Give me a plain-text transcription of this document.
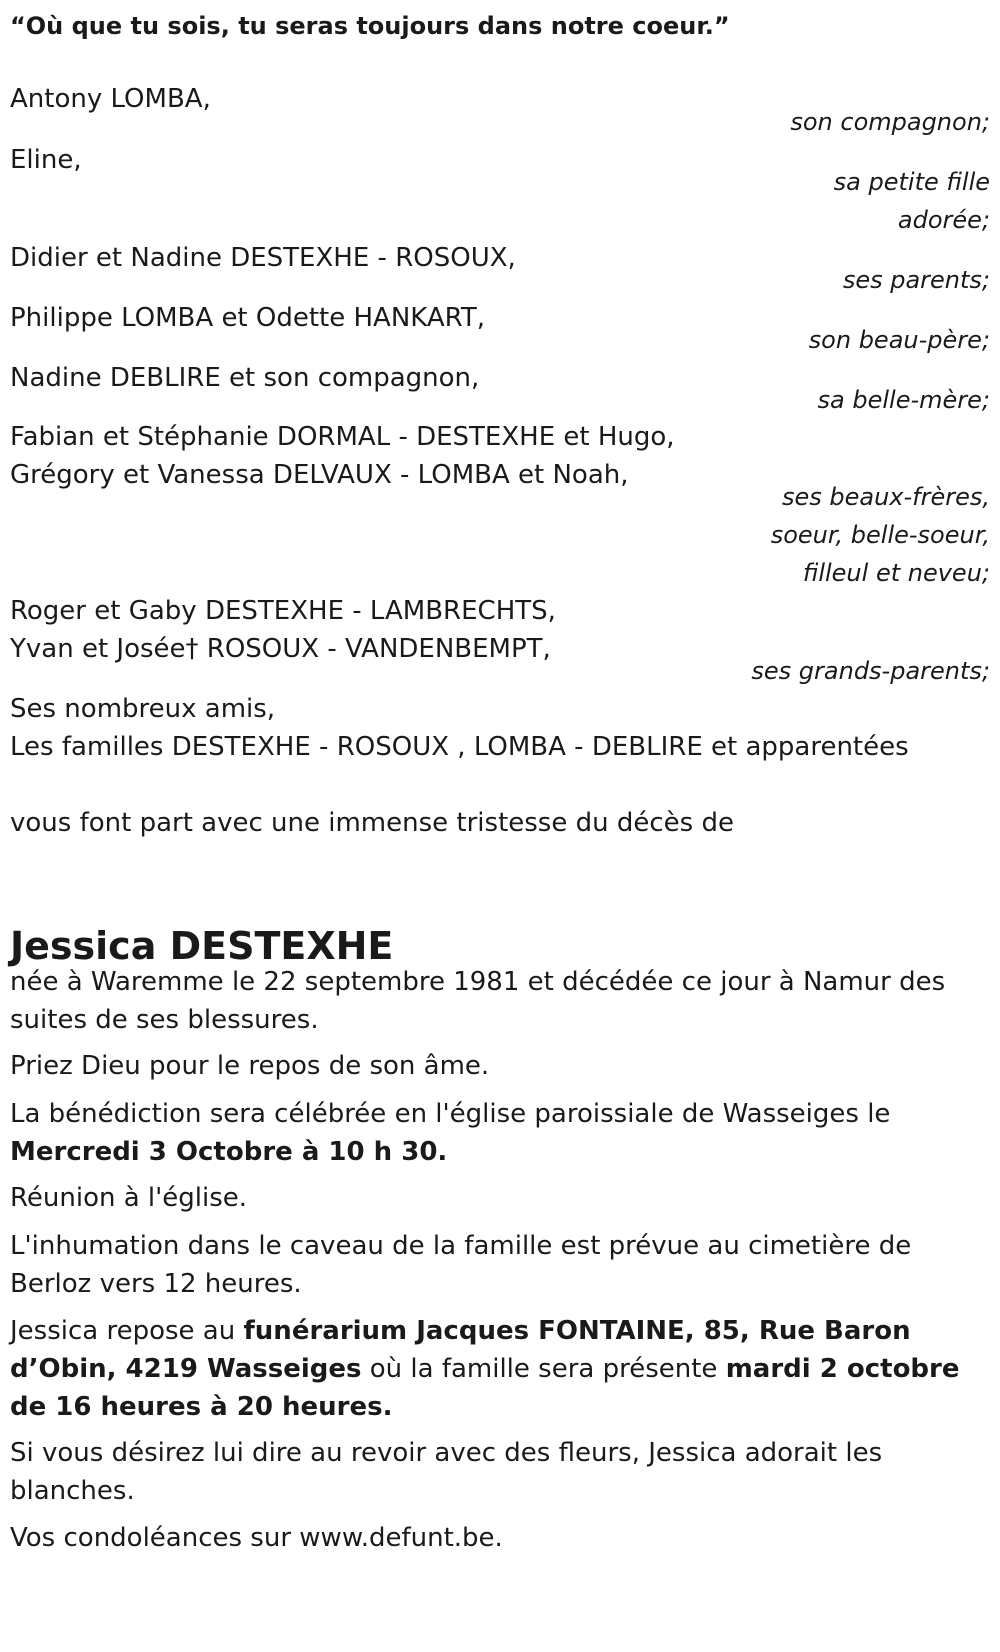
“Où que tu sois, tu seras toujours dans notre coeur.”
Antony LOMBA,
son compagnon;
Eline,
sa petite fille
adorée;
Didier et Nadine DESTEXHE - ROSOUX,
ses parents;
Philippe LOMBA et Odette HANKART,
son beau-père;
Nadine DEBLIRE et son compagnon,
sa belle-mère;
Fabian et Stéphanie DORMAL - DESTEXHE et Hugo,
Grégory et Vanessa DELVAUX - LOMBA et Noah,
ses beaux-frères,
soeur, belle-soeur,
filleul et neveu;
Roger et Gaby DESTEXHE - LAMBRECHTS,
Yvan et Josée† ROSOUX - VANDENBEMPT,
ses grands-parents;
Ses nombreux amis,
Les familles DESTEXHE - ROSOUX , LOMBA - DEBLIRE et apparentées
vous font part avec une immense tristesse du décès de
Jessica DESTEXHE
née à Waremme le 22 septembre 1981 et décédée ce jour à Namur des suites de ses blessures.
Priez Dieu pour le repos de son âme.
La bénédiction sera célébrée en l'église paroissiale de Wasseiges le Mercredi 3 Octobre à 10 h 30.
Réunion à l'église.
L'inhumation dans le caveau de la famille est prévue au cimetière de Berloz vers 12 heures.
Jessica repose au funérarium Jacques FONTAINE, 85, Rue Baron d’Obin, 4219 Wasseiges où la famille sera présente mardi 2 octobre de 16 heures à 20 heures.
Si vous désirez lui dire au revoir avec des fleurs, Jessica adorait les blanches.
Vos condoléances sur www.defunt.be.
